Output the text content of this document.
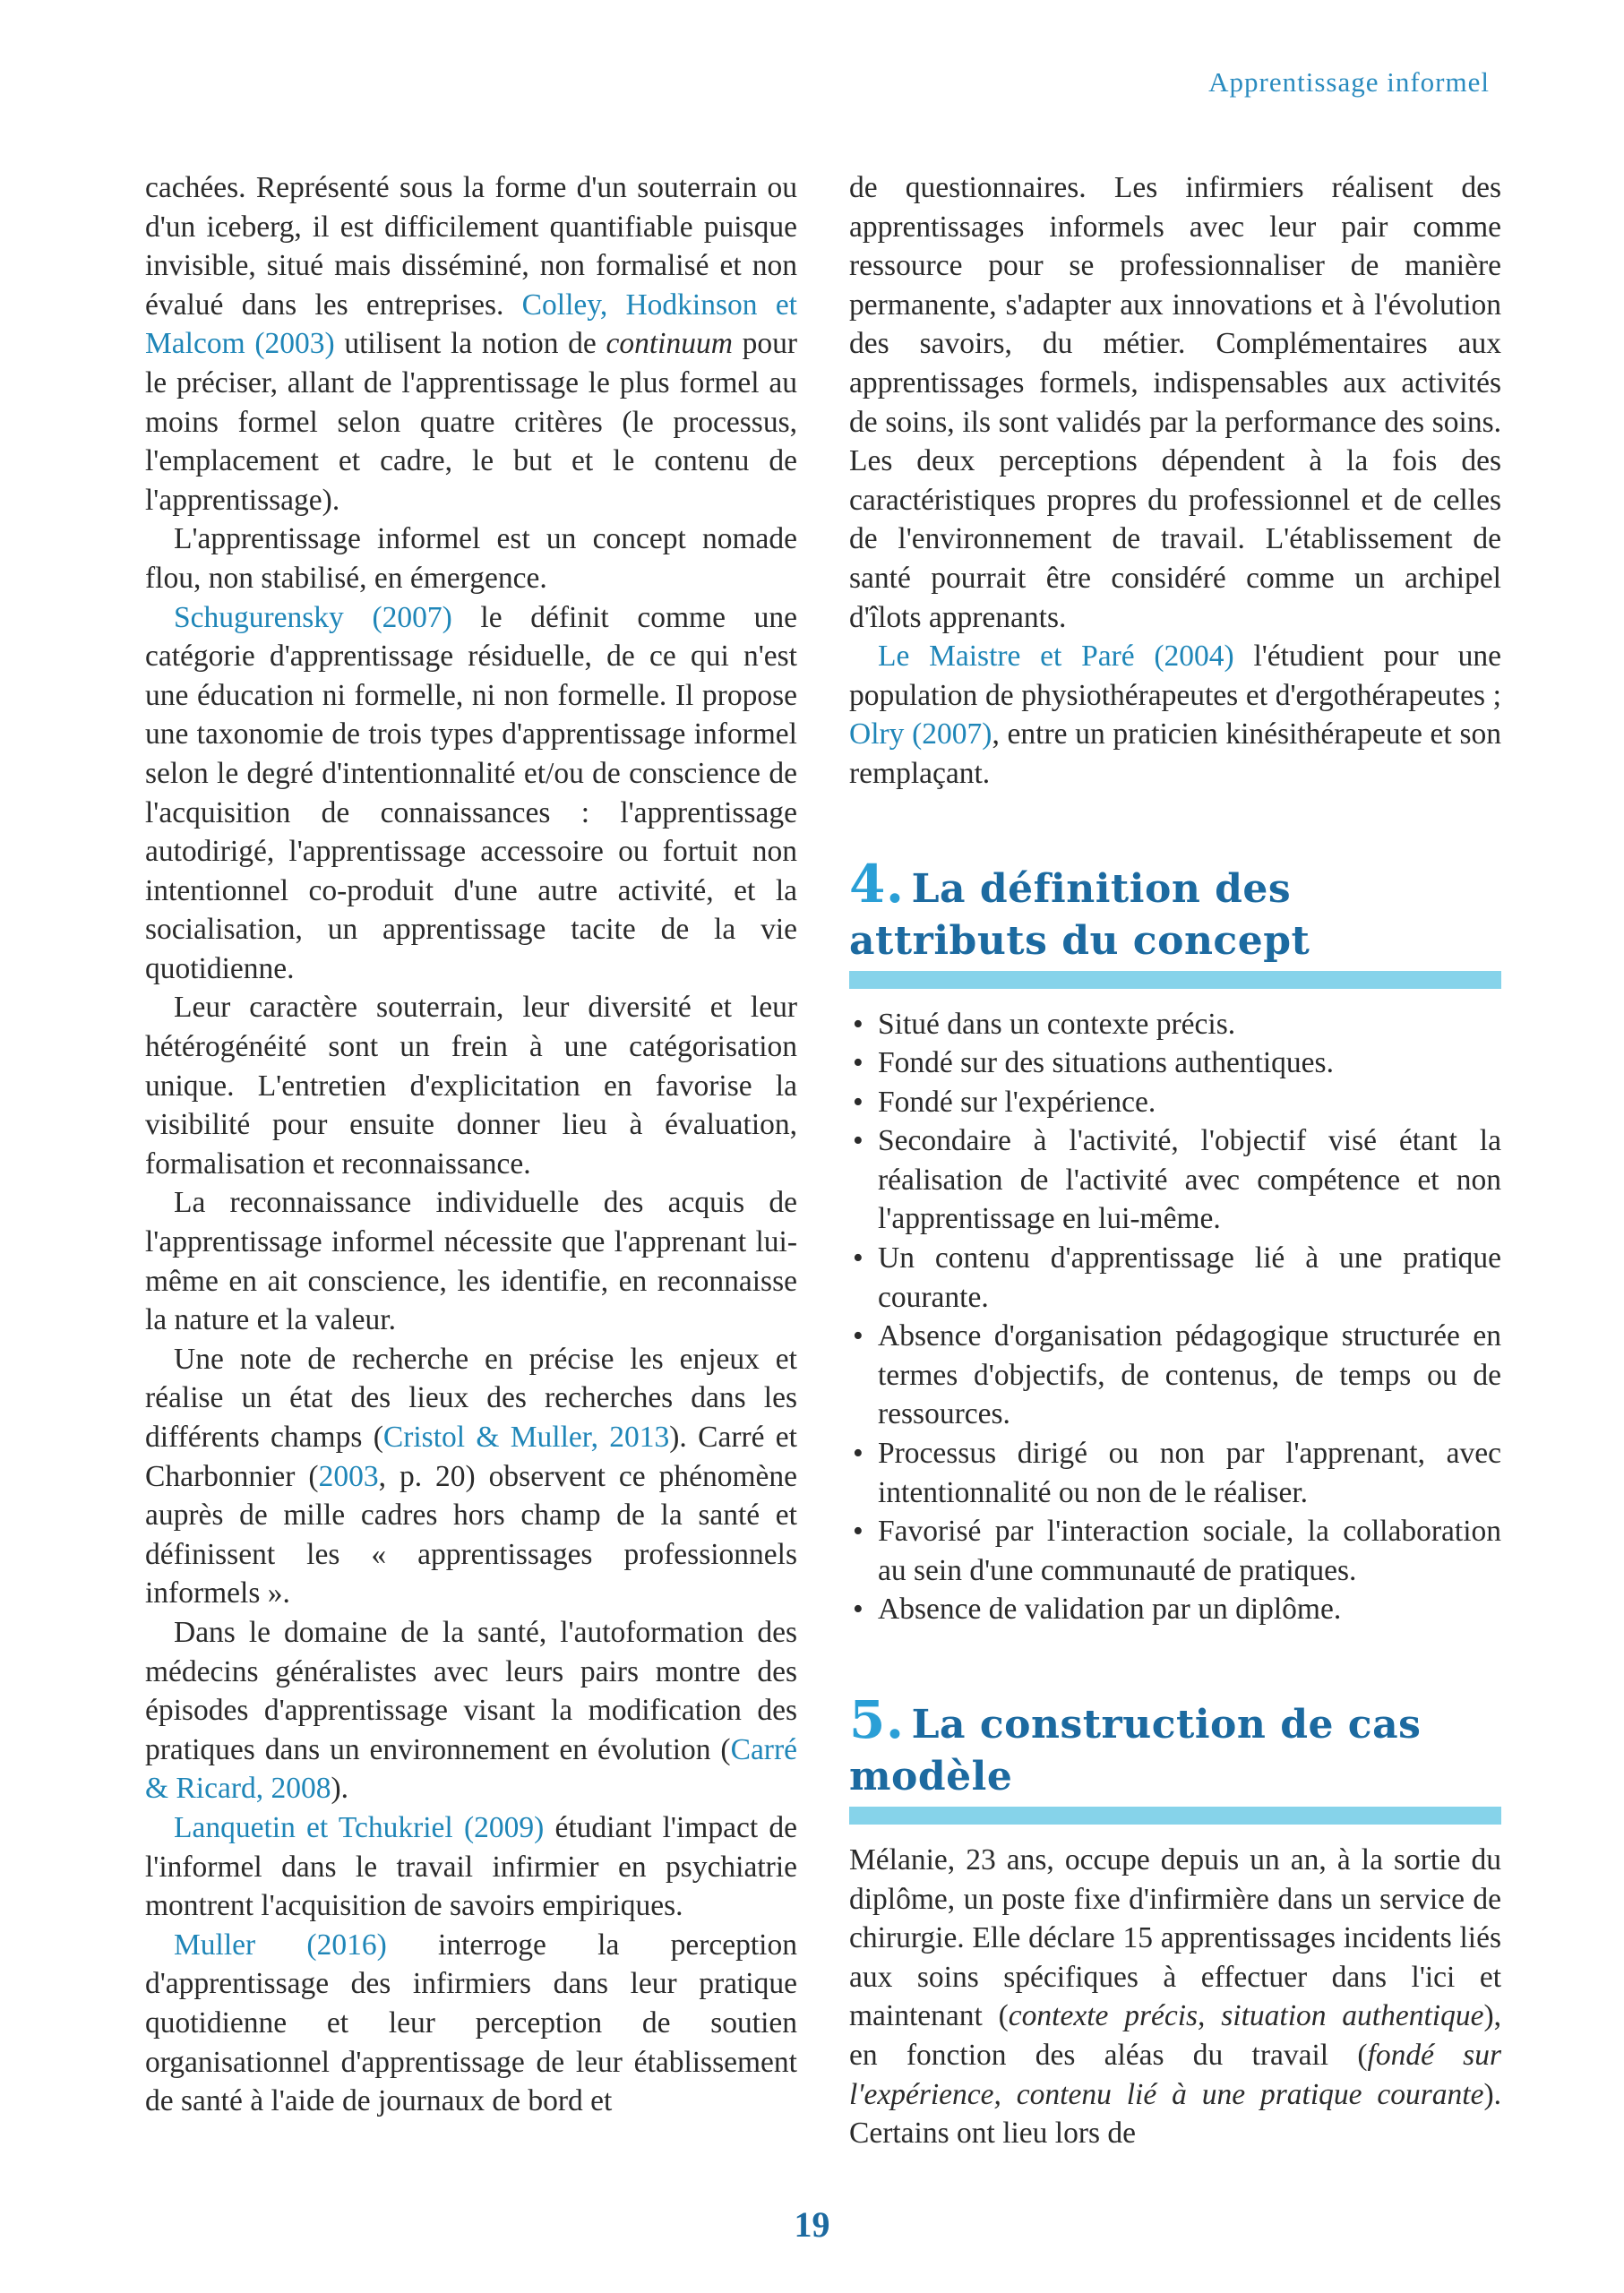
Apprentissage informel

cachées. Représenté sous la forme d'un souterrain ou d'un iceberg, il est difficilement quantifiable puisque invisible, situé mais disséminé, non formalisé et non évalué dans les entreprises. Colley, Hodkinson et Malcom (2003) utilisent la notion de continuum pour le préciser, allant de l'apprentissage le plus formel au moins formel selon quatre critères (le processus, l'emplacement et cadre, le but et le contenu de l'apprentissage).

L'apprentissage informel est un concept nomade flou, non stabilisé, en émergence.

Schugurensky (2007) le définit comme une catégorie d'apprentissage résiduelle, de ce qui n'est une éducation ni formelle, ni non formelle. Il propose une taxonomie de trois types d'apprentissage informel selon le degré d'intentionnalité et/ou de conscience de l'acquisition de connaissances : l'apprentissage autodirigé, l'apprentissage accessoire ou fortuit non intentionnel co-produit d'une autre activité, et la socialisation, un apprentissage tacite de la vie quotidienne.

Leur caractère souterrain, leur diversité et leur hétérogénéité sont un frein à une catégorisation unique. L'entretien d'explicitation en favorise la visibilité pour ensuite donner lieu à évaluation, formalisation et reconnaissance.

La reconnaissance individuelle des acquis de l'apprentissage informel nécessite que l'apprenant lui-même en ait conscience, les identifie, en reconnaisse la nature et la valeur.

Une note de recherche en précise les enjeux et réalise un état des lieux des recherches dans les différents champs (Cristol & Muller, 2013). Carré et Charbonnier (2003, p. 20) observent ce phénomène auprès de mille cadres hors champ de la santé et définissent les « apprentissages professionnels informels ».

Dans le domaine de la santé, l'autoformation des médecins généralistes avec leurs pairs montre des épisodes d'apprentissage visant la modification des pratiques dans un environnement en évolution (Carré & Ricard, 2008).

Lanquetin et Tchukriel (2009) étudiant l'impact de l'informel dans le travail infirmier en psychiatrie montrent l'acquisition de savoirs empiriques.

Muller (2016) interroge la perception d'apprentissage des infirmiers dans leur pratique quotidienne et leur perception de soutien organisationnel d'apprentissage de leur établissement de santé à l'aide de journaux de bord et

de questionnaires. Les infirmiers réalisent des apprentissages informels avec leur pair comme ressource pour se professionnaliser de manière permanente, s'adapter aux innovations et à l'évolution des savoirs, du métier. Complémentaires aux apprentissages formels, indispensables aux activités de soins, ils sont validés par la performance des soins. Les deux perceptions dépendent à la fois des caractéristiques propres du professionnel et de celles de l'environnement de travail. L'établissement de santé pourrait être considéré comme un archipel d'îlots apprenants.

Le Maistre et Paré (2004) l'étudient pour une population de physiothérapeutes et d'ergothérapeutes ; Olry (2007), entre un praticien kinésithérapeute et son remplaçant.

4. La définition des attributs du concept
• Situé dans un contexte précis.
• Fondé sur des situations authentiques.
• Fondé sur l'expérience.
• Secondaire à l'activité, l'objectif visé étant la réalisation de l'activité avec compétence et non l'apprentissage en lui-même.
• Un contenu d'apprentissage lié à une pratique courante.
• Absence d'organisation pédagogique structurée en termes d'objectifs, de contenus, de temps ou de ressources.
• Processus dirigé ou non par l'apprenant, avec intentionnalité ou non de le réaliser.
• Favorisé par l'interaction sociale, la collaboration au sein d'une communauté de pratiques.
• Absence de validation par un diplôme.
5. La construction de cas modèle

Mélanie, 23 ans, occupe depuis un an, à la sortie du diplôme, un poste fixe d'infirmière dans un service de chirurgie. Elle déclare 15 apprentissages incidents liés aux soins spécifiques à effectuer dans l'ici et maintenant (contexte précis, situation authentique), en fonction des aléas du travail (fondé sur l'expérience, contenu lié à une pratique courante). Certains ont lieu lors de

19
